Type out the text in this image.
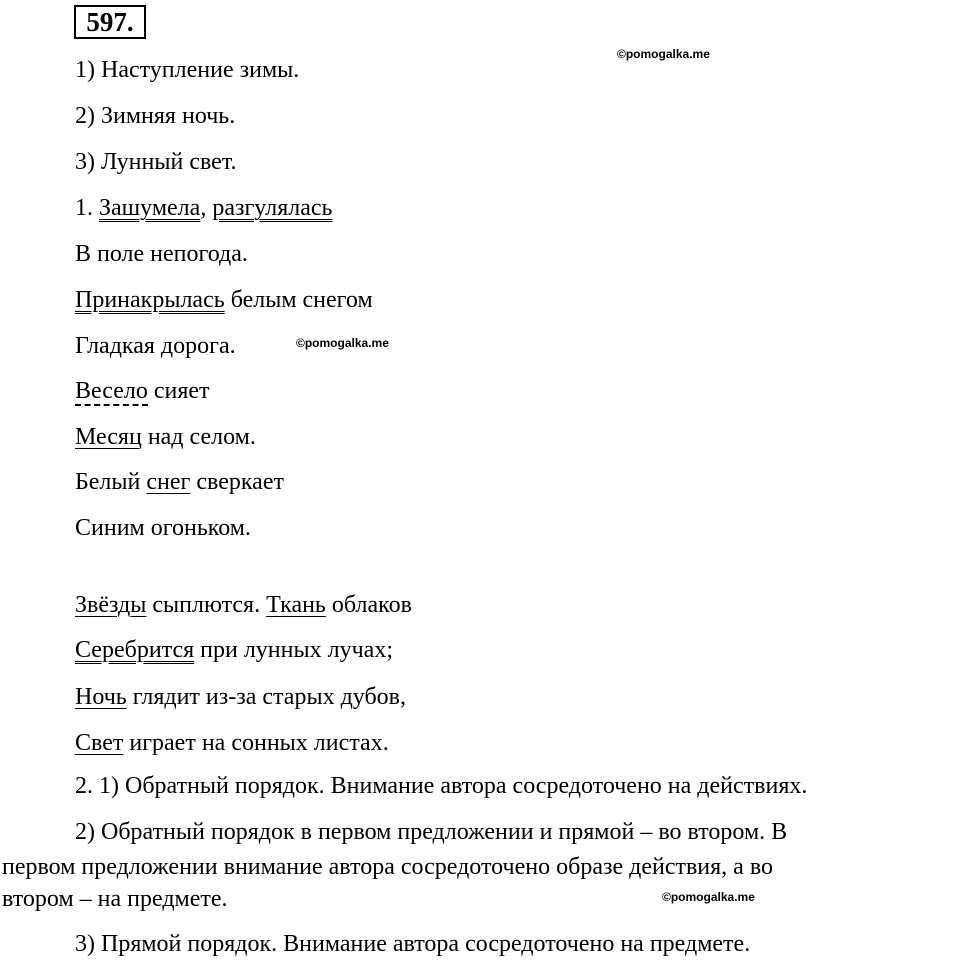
597.
©pomogalka.me
©pomogalka.me
©pomogalka.me
1) Наступление зимы.
2) Зимняя ночь.
3) Лунный свет.
1. Зашумела, разгулялась
В поле непогода.
Принакрылась белым снегом
Гладкая дорога.
Весело сияет
Месяц над селом.
Белый снег сверкает
Синим огоньком.
Звёзды сыплются. Ткань облаков
Серебрится при лунных лучах;
Ночь глядит из-за старых дубов,
Свет играет на сонных листах.
2. 1) Обратный порядок. Внимание автора сосредоточено на действиях.
2) Обратный порядок в первом предложении и прямой – во втором. В
первом предложении внимание автора сосредоточено образе действия, а во
втором – на предмете.
3) Прямой порядок. Внимание автора сосредоточено на предмете.
